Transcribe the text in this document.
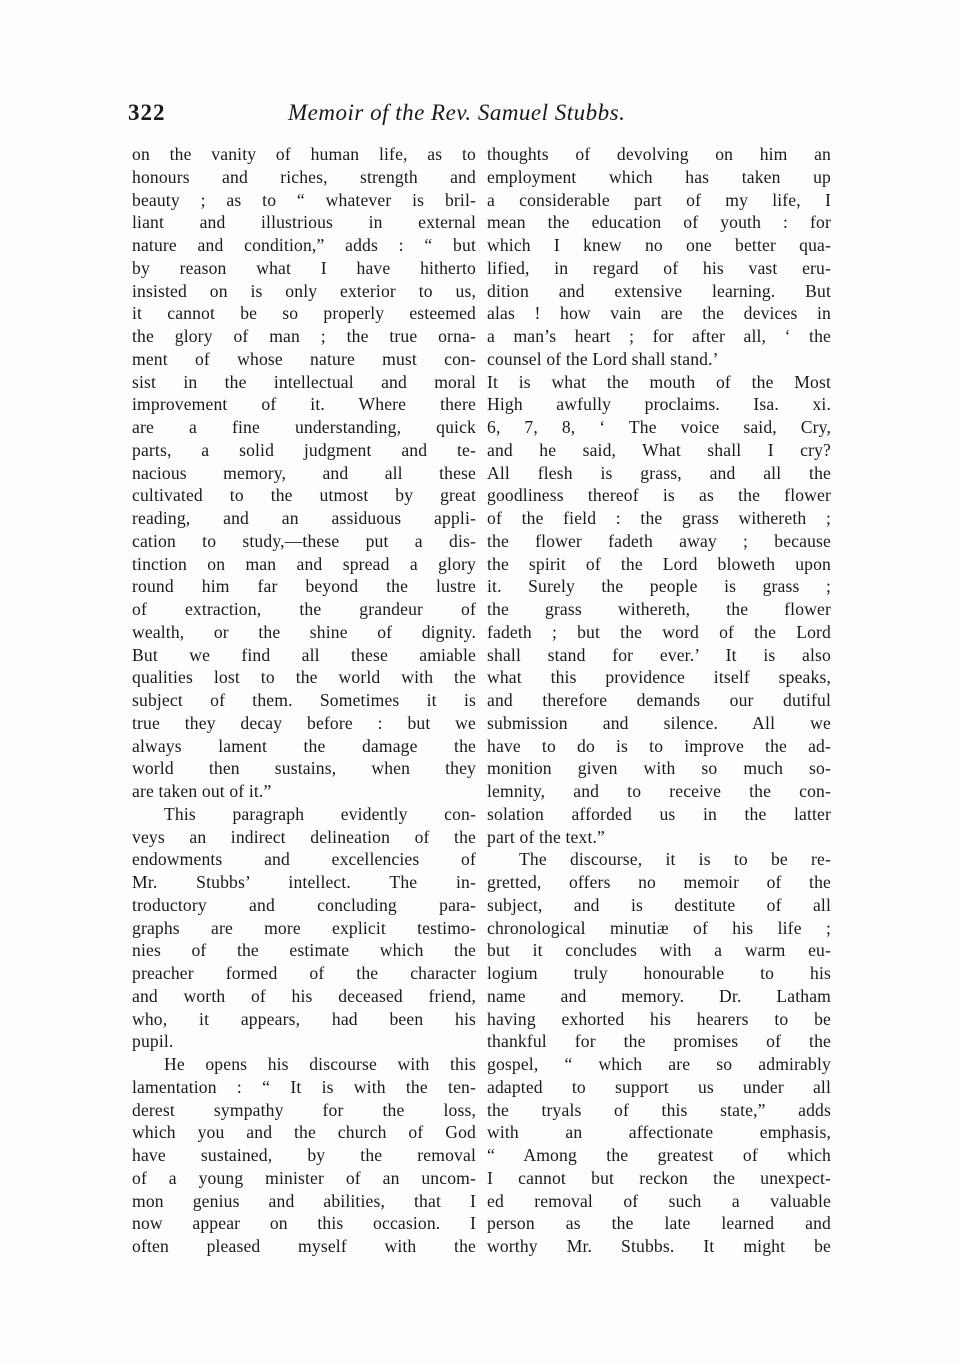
322	Memoir of the Rev. Samuel Stubbs.
on the vanity of human life, as to
honours and riches, strength and
beauty ; as to “ whatever is bril-
liant and illustrious in external
nature and condition,” adds : “ but
by reason what I have hitherto
insisted on is only exterior to us,
it cannot be so properly esteemed
the glory of man ; the true orna-
ment of whose nature must con-
sist in the intellectual and moral
improvement of it. Where there
are a fine understanding, quick
parts, a solid judgment and te-
nacious memory, and all these
cultivated to the utmost by great
reading, and an assiduous appli-
cation to study,—these put a dis-
tinction on man and spread a glory
round him far beyond the lustre
of extraction, the grandeur of
wealth, or the shine of dignity.
But we find all these amiable
qualities lost to the world with the
subject of them. Sometimes it is
true they decay before : but we
always lament the damage the
world then sustains, when they
are taken out of it.”
This paragraph evidently con-
veys an indirect delineation of the
endowments and excellencies of
Mr. Stubbs’ intellect. The in-
troductory and concluding para-
graphs are more explicit testimo-
nies of the estimate which the
preacher formed of the character
and worth of his deceased friend,
who, it appears, had been his
pupil.
He opens his discourse with this
lamentation : “ It is with the ten-
derest sympathy for the loss,
which you and the church of God
have sustained, by the removal
of a young minister of an uncom-
mon genius and abilities, that I
now appear on this occasion. I
often pleased myself with the
thoughts of devolving on him an
employment which has taken up
a considerable part of my life, I
mean the education of youth : for
which I knew no one better qua-
lified, in regard of his vast eru-
dition and extensive learning. But
alas ! how vain are the devices in
a man’s heart ; for after all, ‘ the
counsel of the Lord shall stand.’
It is what the mouth of the Most
High awfully proclaims. Isa. xi.
6, 7, 8, ‘ The voice said, Cry,
and he said, What shall I cry?
All flesh is grass, and all the
goodliness thereof is as the flower
of the field : the grass withereth ;
the flower fadeth away ; because
the spirit of the Lord bloweth upon
it. Surely the people is grass ;
the grass withereth, the flower
fadeth ; but the word of the Lord
shall stand for ever.’ It is also
what this providence itself speaks,
and therefore demands our dutiful
submission and silence. All we
have to do is to improve the ad-
monition given with so much so-
lemnity, and to receive the con-
solation afforded us in the latter
part of the text.”
The discourse, it is to be re-
gretted, offers no memoir of the
subject, and is destitute of all
chronological minutiæ of his life ;
but it concludes with a warm eu-
logium truly honourable to his
name and memory. Dr. Latham
having exhorted his hearers to be
thankful for the promises of the
gospel, “ which are so admirably
adapted to support us under all
the tryals of this state,” adds
with an affectionate emphasis,
“ Among the greatest of which
I cannot but reckon the unexpect-
ed removal of such a valuable
person as the late learned and
worthy Mr. Stubbs. It might be
